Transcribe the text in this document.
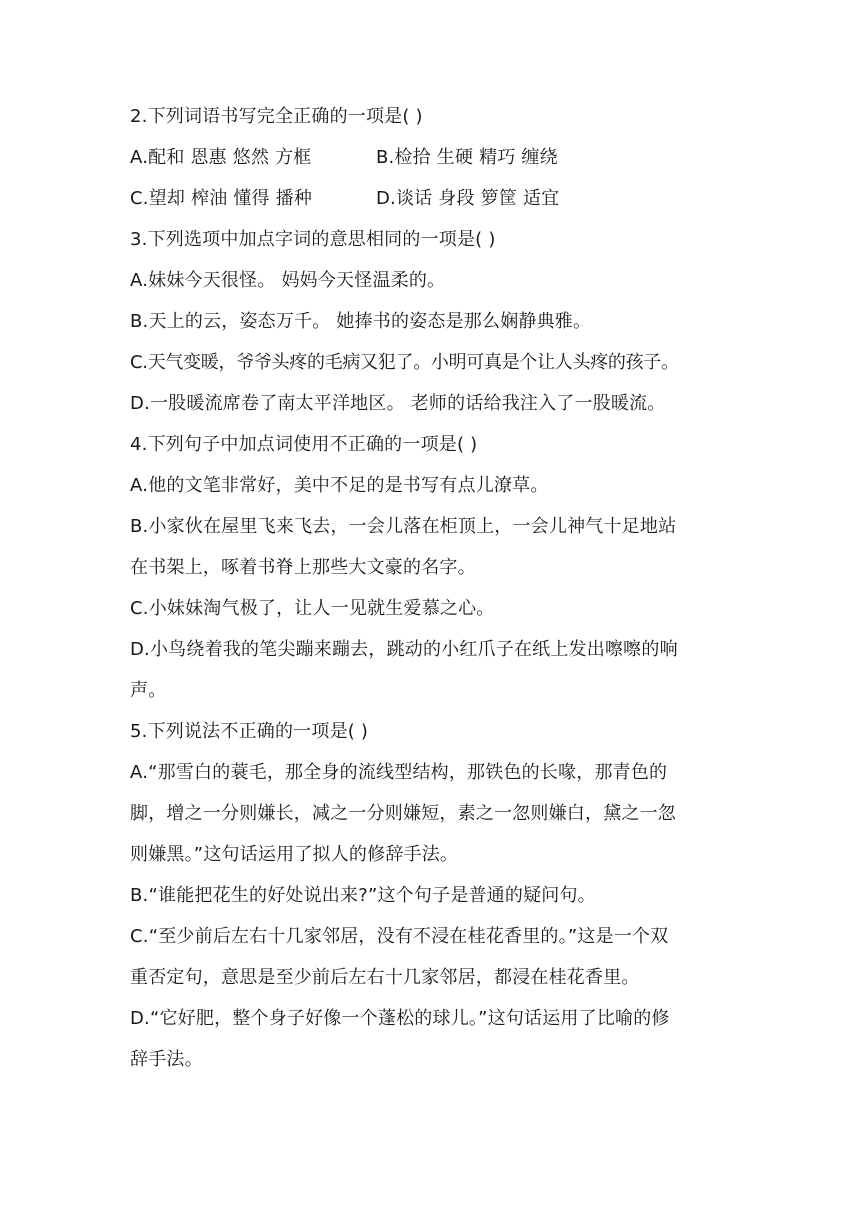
2.下列词语书写完全正确的一项是( )
A.配和 恩惠 悠然 方框	B.检拾 生硬 精巧 缠绕
C.望却 榨油 懂得 播种	D.谈话 身段 箩筐 适宜
3.下列选项中加点字词的意思相同的一项是( )
A.妹妹今天很怪。 妈妈今天怪温柔的。
B.天上的云，姿态万千。 她捧书的姿态是那么娴静典雅。
C.天气变暖，爷爷头疼的毛病又犯了。小明可真是个让人头疼的孩子。
D.一股暖流席卷了南太平洋地区。 老师的话给我注入了一股暖流。
4.下列句子中加点词使用不正确的一项是( )
A.他的文笔非常好，美中不足的是书写有点儿潦草。
B.小家伙在屋里飞来飞去，一会儿落在柜顶上，一会儿神气十足地站
在书架上，啄着书脊上那些大文豪的名字。
C.小妹妹淘气极了，让人一见就生爱慕之心。
D.小鸟绕着我的笔尖蹦来蹦去，跳动的小红爪子在纸上发出嚓嚓的响
声。
5.下列说法不正确的一项是( )
A.“那雪白的蓑毛，那全身的流线型结构，那铁色的长喙，那青色的
脚，增之一分则嫌长，减之一分则嫌短，素之一忽则嫌白，黛之一忽
则嫌黑。”这句话运用了拟人的修辞手法。
B.“谁能把花生的好处说出来?”这个句子是普通的疑问句。
C.“至少前后左右十几家邻居，没有不浸在桂花香里的。”这是一个双
重否定句，意思是至少前后左右十几家邻居，都浸在桂花香里。
D.“它好肥，整个身子好像一个蓬松的球儿。”这句话运用了比喻的修
辞手法。
